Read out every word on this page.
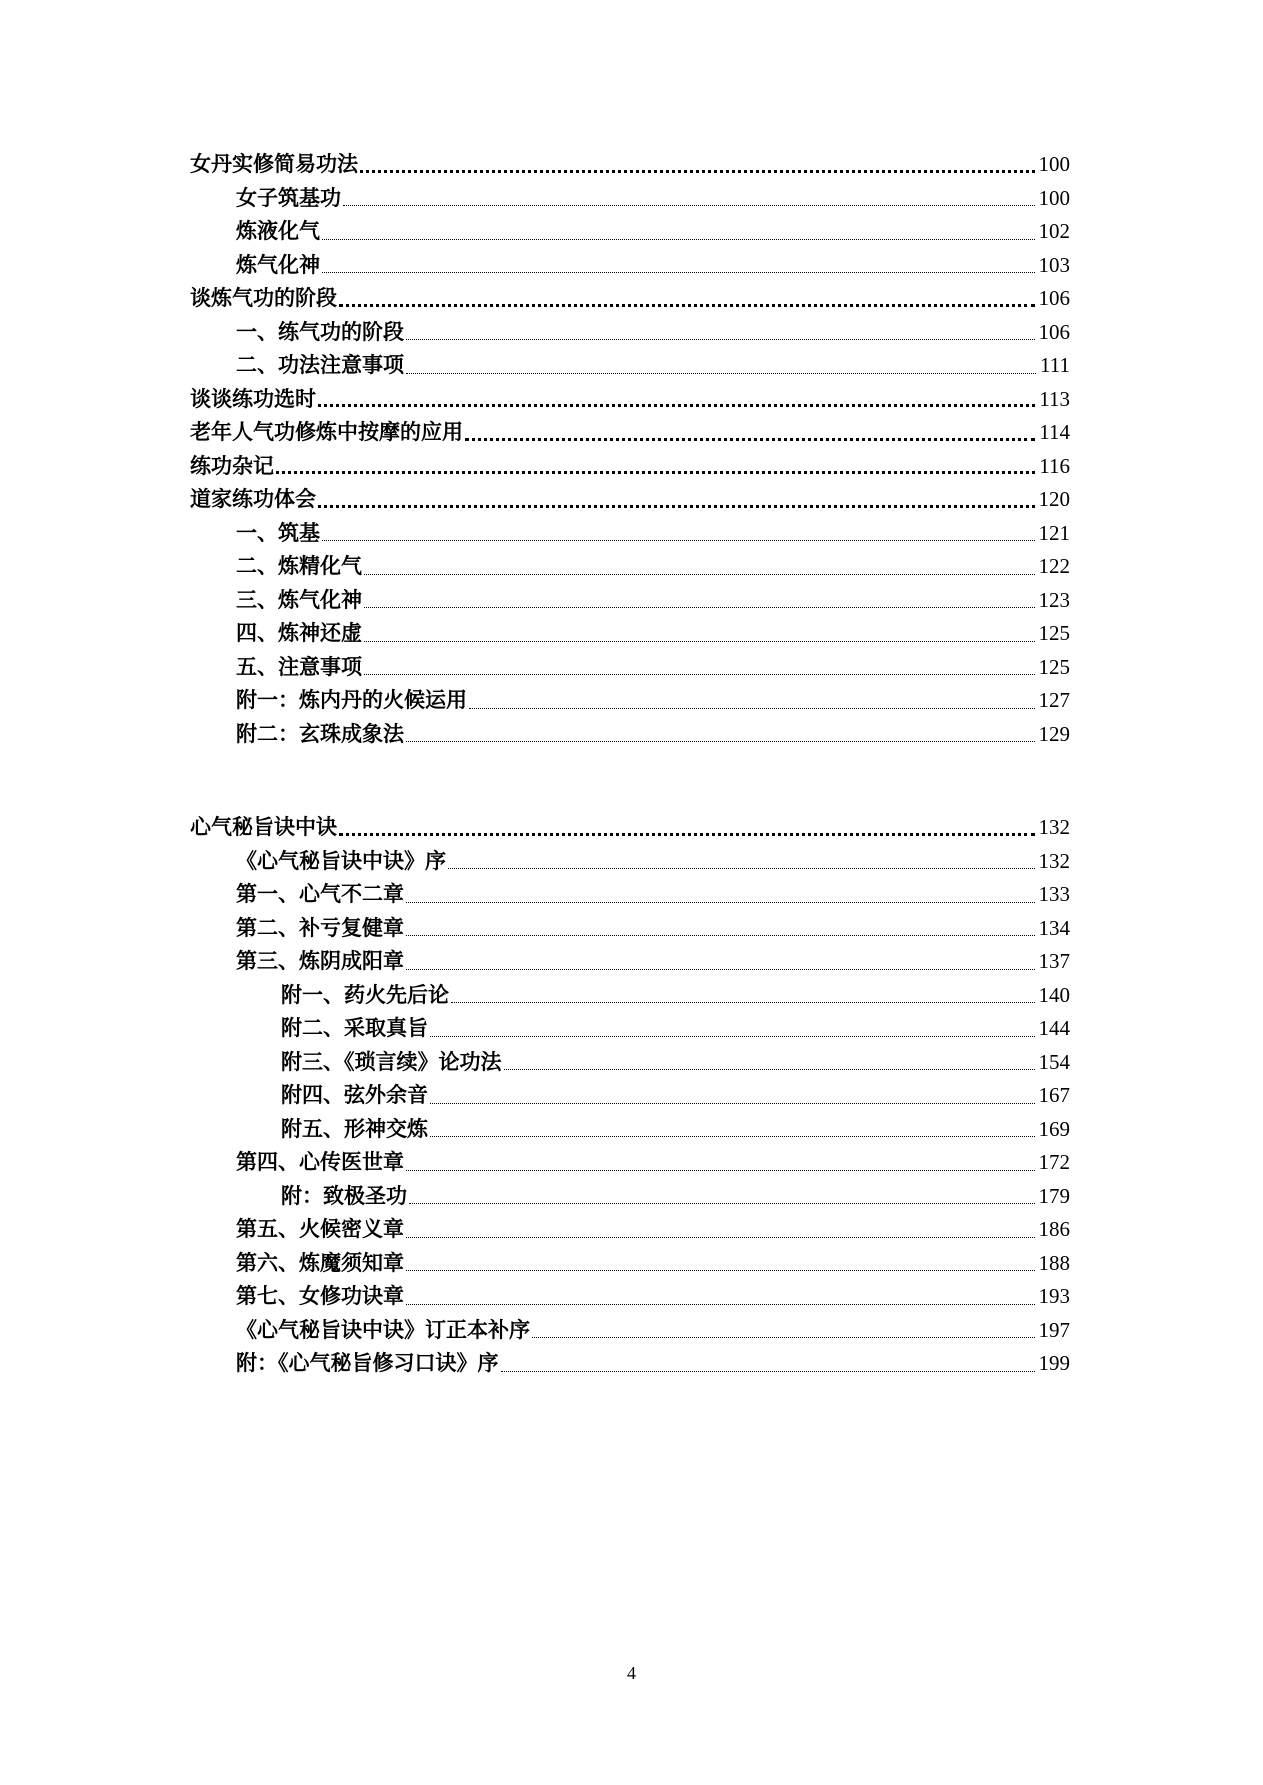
女丹实修简易功法	100
女子筑基功	100
炼液化气	102
炼气化神	103
谈炼气功的阶段	106
一、练气功的阶段	106
二、功法注意事项	111
谈谈练功选时	113
老年人气功修炼中按摩的应用	114
练功杂记	116
道家练功体会	120
一、筑基	121
二、炼精化气	122
三、炼气化神	123
四、炼神还虚	125
五、注意事项	125
附一：炼内丹的火候运用	127
附二：玄珠成象法	129
心气秘旨诀中诀	132
《心气秘旨诀中诀》序	132
第一、心气不二章	133
第二、补亏复健章	134
第三、炼阴成阳章	137
附一、药火先后论	140
附二、采取真旨	144
附三、《琐言续》论功法	154
附四、弦外余音	167
附五、形神交炼	169
第四、心传医世章	172
附：致极圣功	179
第五、火候密义章	186
第六、炼魔须知章	188
第七、女修功诀章	193
《心气秘旨诀中诀》订正本补序	197
附：《心气秘旨修习口诀》序	199
4
